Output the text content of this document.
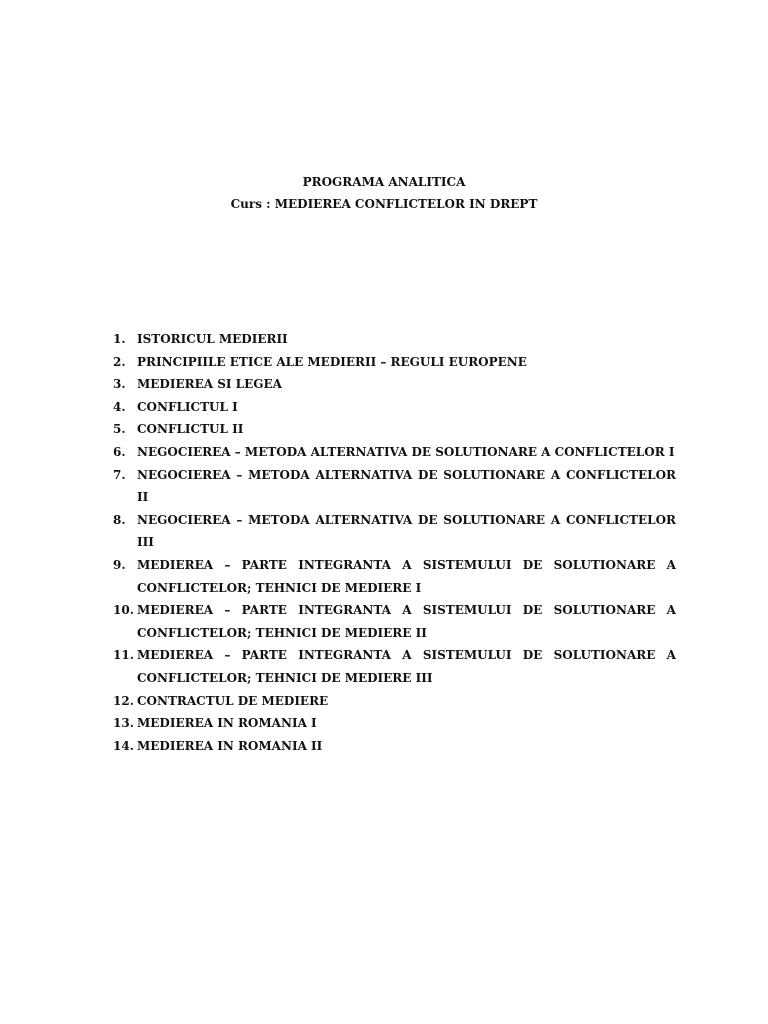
PROGRAMA ANALITICA
Curs : MEDIEREA CONFLICTELOR IN DREPT
1. ISTORICUL MEDIERII
2. PRINCIPIILE ETICE ALE MEDIERII – REGULI EUROPENE
3. MEDIEREA SI LEGEA
4. CONFLICTUL I
5. CONFLICTUL II
6. NEGOCIEREA – METODA ALTERNATIVA DE SOLUTIONARE A CONFLICTELOR I
7. NEGOCIEREA – METODA ALTERNATIVA DE SOLUTIONARE A CONFLICTELOR II
8. NEGOCIEREA – METODA ALTERNATIVA DE SOLUTIONARE A CONFLICTELOR III
9. MEDIEREA – PARTE INTEGRANTA A SISTEMULUI DE SOLUTIONARE A CONFLICTELOR; TEHNICI DE MEDIERE I
10. MEDIEREA – PARTE INTEGRANTA A SISTEMULUI DE SOLUTIONARE A CONFLICTELOR; TEHNICI DE MEDIERE II
11. MEDIEREA – PARTE INTEGRANTA A SISTEMULUI DE SOLUTIONARE A CONFLICTELOR; TEHNICI DE MEDIERE III
12. CONTRACTUL DE MEDIERE
13. MEDIEREA IN ROMANIA I
14. MEDIEREA IN ROMANIA II
